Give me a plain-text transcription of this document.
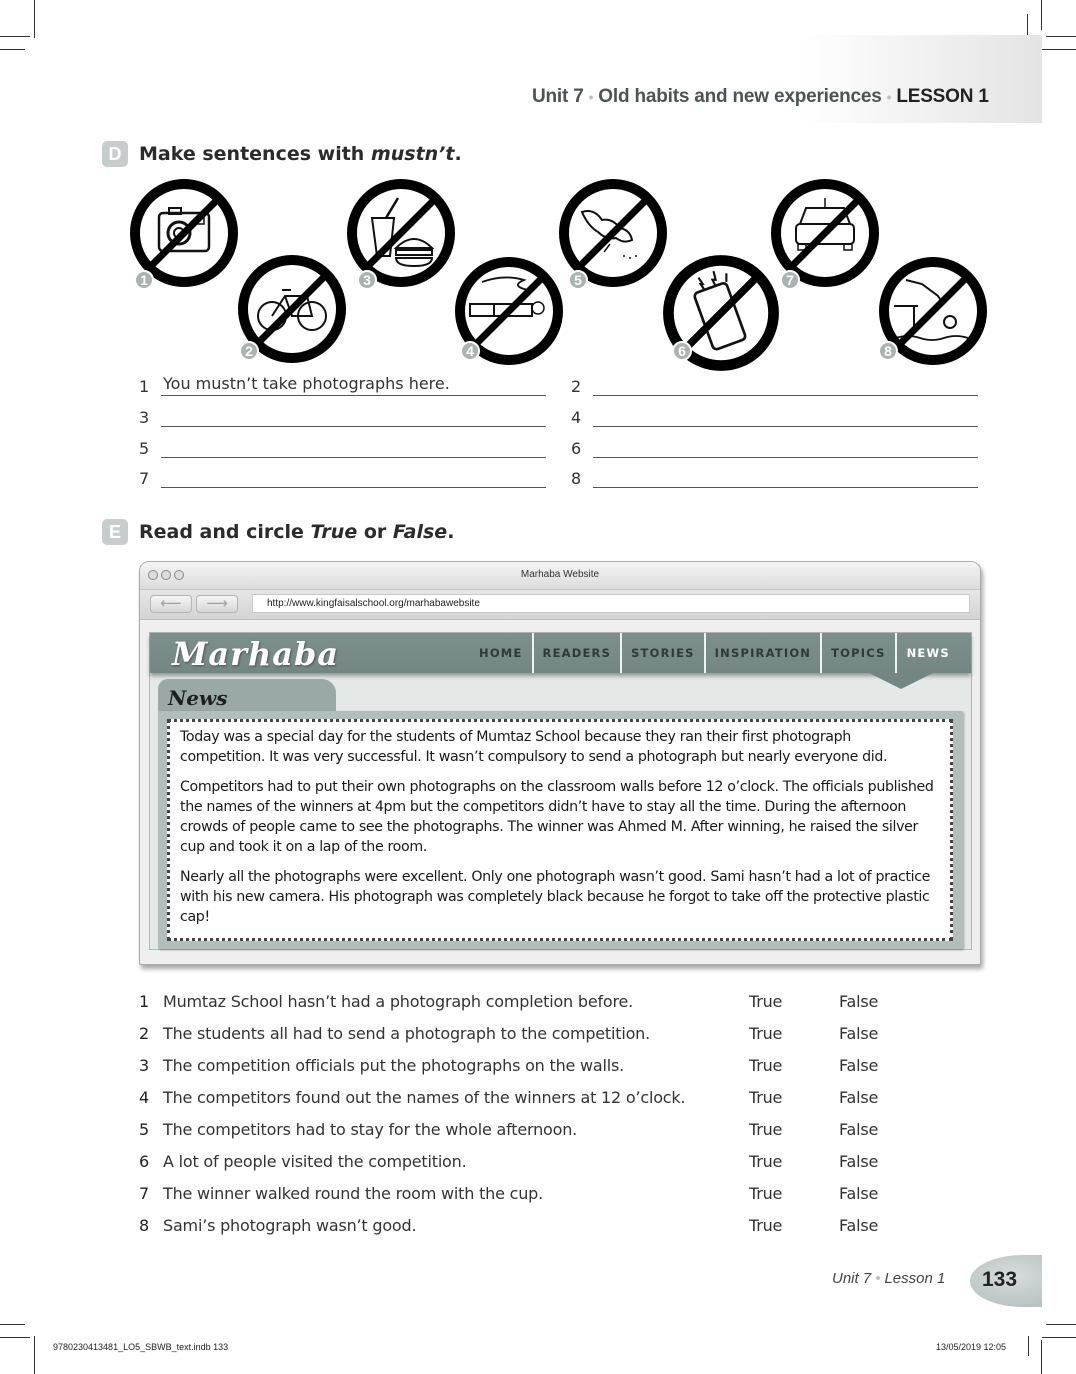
Unit 7 • Old habits and new experiences • LESSON 1
D Make sentences with mustn’t.
1
2
3
4
5
6
7
8
1 You mustn’t take photographs here.	2
3	4
5	6
7	8
E Read and circle True or False.
Marhaba Website
⟵	⟶	http://www.kingfaisalschool.org/marhabawebsite
Marhaba	HOME	READERS	STORIES	INSPIRATION	TOPICS	NEWS
News

Today was a special day for the students of Mumtaz School because they ran their first photograph competition. It was very successful. It wasn’t compulsory to send a photograph but nearly everyone did.

Competitors had to put their own photographs on the classroom walls before 12 o’clock. The officials published the names of the winners at 4pm but the competitors didn’t have to stay all the time. During the afternoon crowds of people came to see the photographs. The winner was Ahmed M. After winning, he raised the silver cup and took it on a lap of the room.

Nearly all the photographs were excellent. Only one photograph wasn’t good. Sami hasn’t had a lot of practice with his new camera. His photograph was completely black because he forgot to take off the protective plastic cap!

1 Mumtaz School hasn’t had a photograph completion before.	True	False
2 The students all had to send a photograph to the competition.	True	False
3 The competition officials put the photographs on the walls.	True	False
4 The competitors found out the names of the winners at 12 o’clock.	True	False
5 The competitors had to stay for the whole afternoon.	True	False
6 A lot of people visited the competition.	True	False
7 The winner walked round the room with the cup.	True	False
8 Sami’s photograph wasn’t good.	True	False
Unit 7 • Lesson 1 133
9780230413481_LO5_SBWB_text.indb 133	13/05/2019 12:05
